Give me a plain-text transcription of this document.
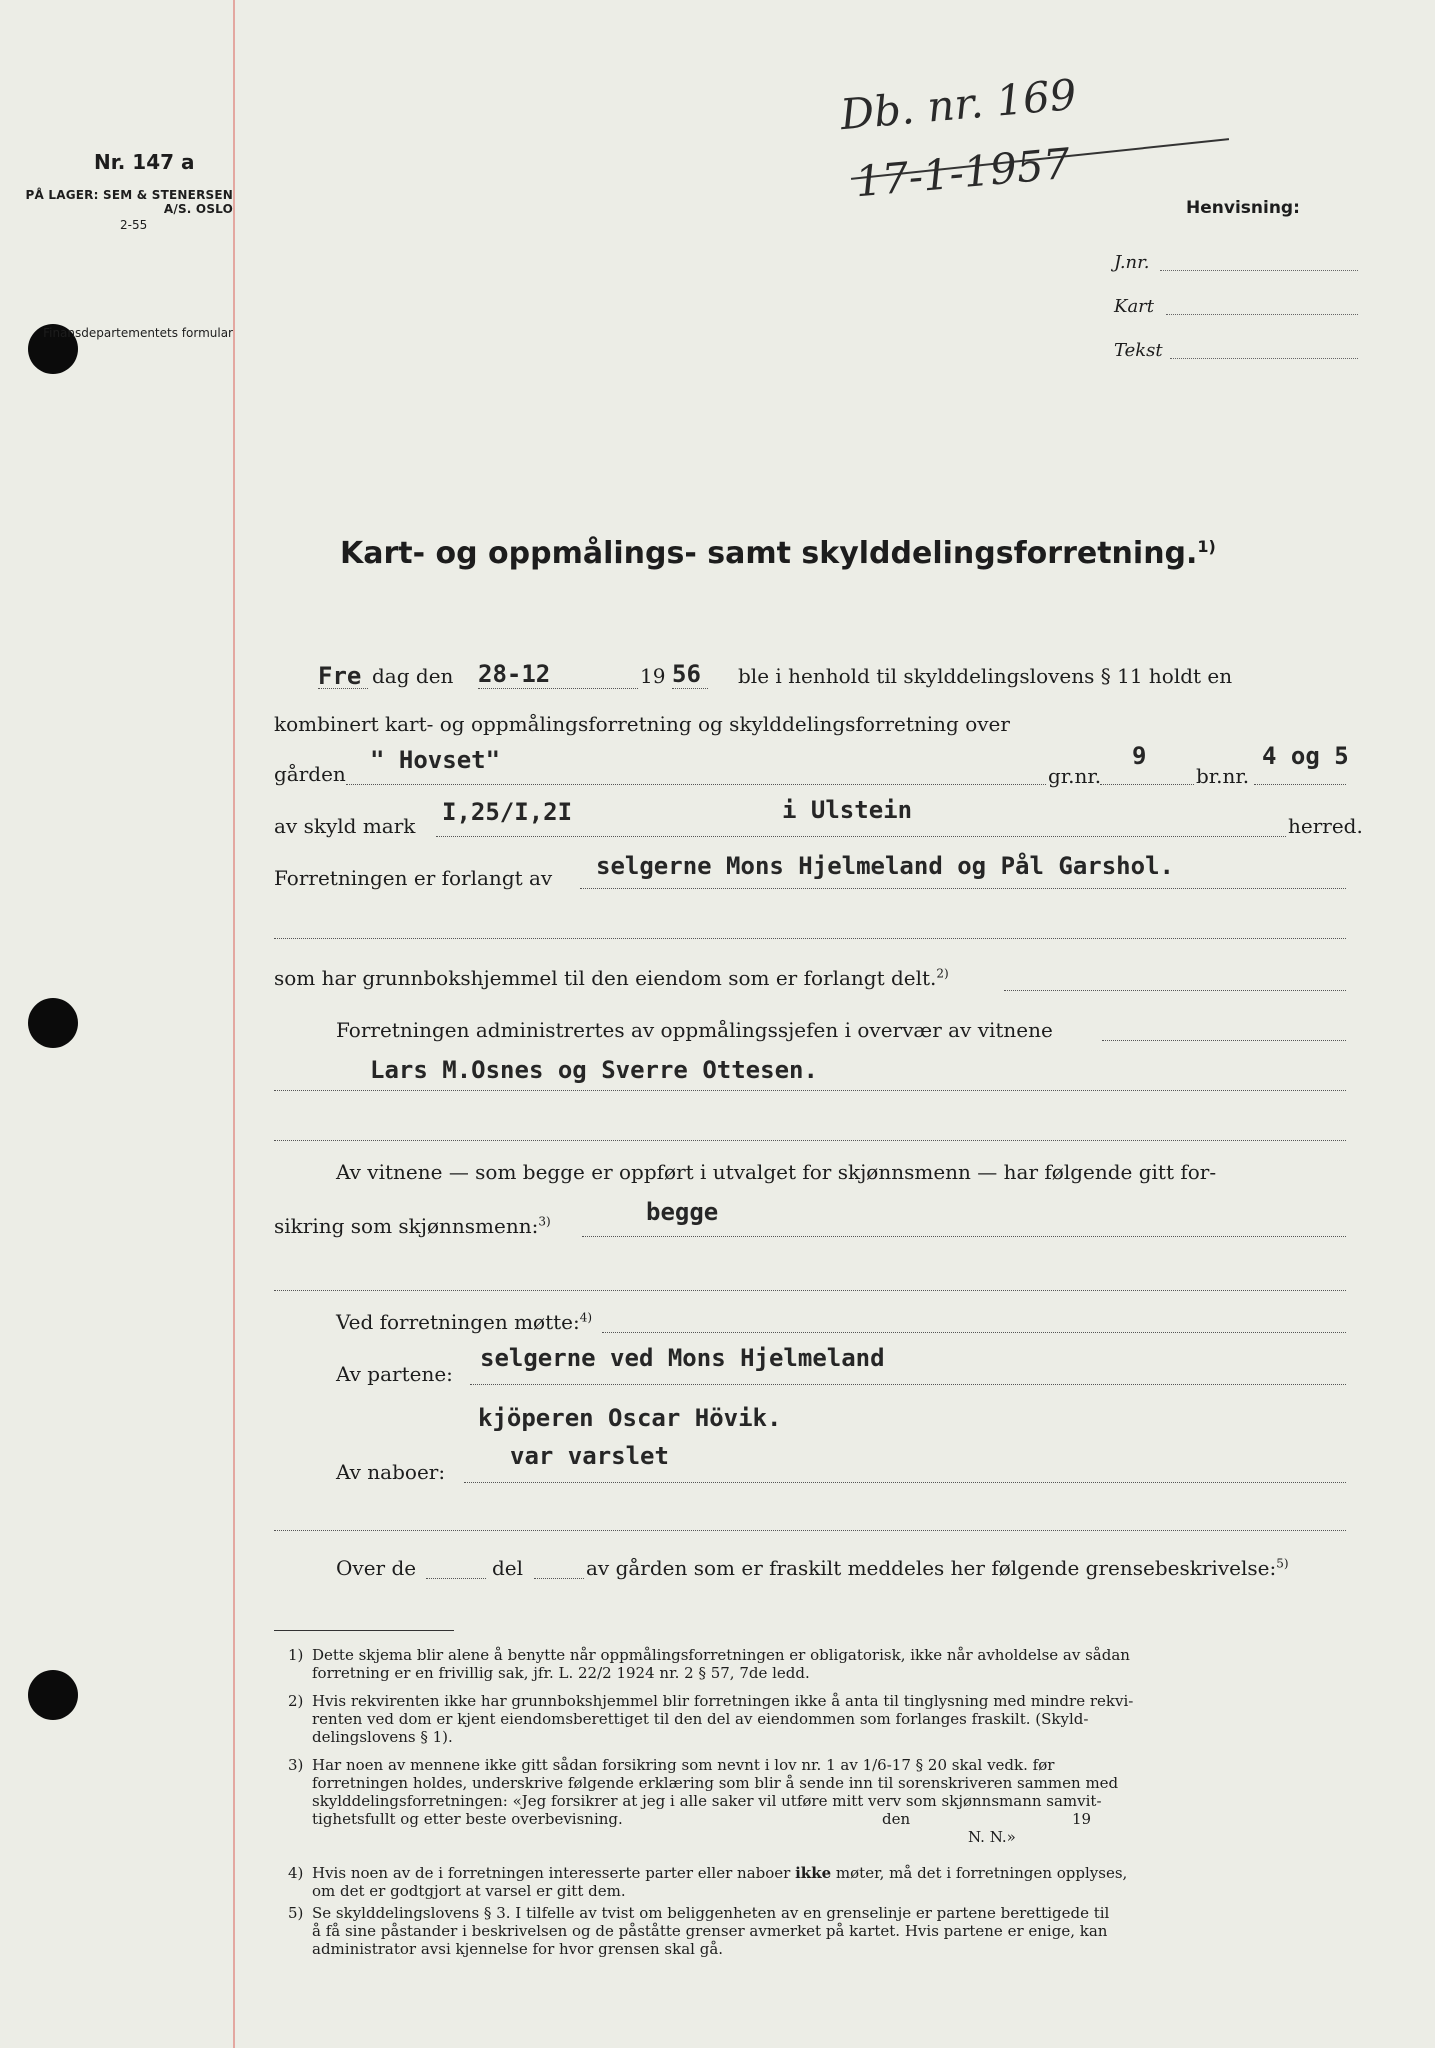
Nr. 147 a
PÅ LAGER: SEM & STENERSEN A/S. OSLO
2-55
Finansdepartementets formular
Db. nr. 169
17-1-1957
Henvisning:
J.nr.
Kart
Tekst
Kart- og oppmålings- samt skylddelingsforretning.$^{1)}$
Fre dag den 28-12	19 56 ble i henhold til skylddelingslovens § 11 holdt en
kombinert kart- og oppmålingsforretning og skylddelingsforretning over
gården " Hovset"
gr.nr.
9
br.nr.
4 og 5
av skyld mark I,25/I,2I	i Ulstein
herred.
Forretningen er forlangt av selgerne Mons Hjelmeland og Pål Garshol.
som har grunnbokshjemmel til den eiendom som er forlangt delt.$^{2)}$
Forretningen administrertes av oppmålingssjefen i overvær av vitnene
Lars M.Osnes og Sverre Ottesen.
Av vitnene — som begge er oppført i utvalget for skjønnsmenn — har følgende gitt for-
sikring som skjønnsmenn:$^{3)}$	begge
Ved forretningen møtte:$^{4)}$
Av partene:
selgerne ved Mons Hjelmeland
kjöperen Oscar Hövik.
var varslet
Av naboer:
Over de	del	av gården som er fraskilt meddeles her følgende grensebeskrivelse:$^{5)}$
1) Dette skjema blir alene å benytte når oppmålingsforretningen er obligatorisk, ikke når avholdelse av sådan
forretning er en frivillig sak, jfr. L. 22/2 1924 nr. 2 § 57, 7de ledd.
2) Hvis rekvirenten ikke har grunnbokshjemmel blir forretningen ikke å anta til tinglysning med mindre rekvi-
renten ved dom er kjent eiendomsberettiget til den del av eiendommen som forlanges fraskilt. (Skyld-
delingslovens § 1).
3) Har noen av mennene ikke gitt sådan forsikring som nevnt i lov nr. 1 av 1/6-17 § 20 skal vedk. før
forretningen holdes, underskrive følgende erklæring som blir å sende inn til sorenskriveren sammen med
skylddelingsforretningen: «Jeg forsikrer at jeg i alle saker vil utføre mitt verv som skjønnsmann samvit-
tighetsfullt og etter beste overbevisning.	den	19
N. N.»
4) Hvis noen av de i forretningen interesserte parter eller naboer ikke møter, må det i forretningen opplyses,
om det er godtgjort at varsel er gitt dem.
5) Se skylddelingslovens § 3. I tilfelle av tvist om beliggenheten av en grenselinje er partene berettigede til
å få sine påstander i beskrivelsen og de påståtte grenser avmerket på kartet. Hvis partene er enige, kan
administrator avsi kjennelse for hvor grensen skal gå.
